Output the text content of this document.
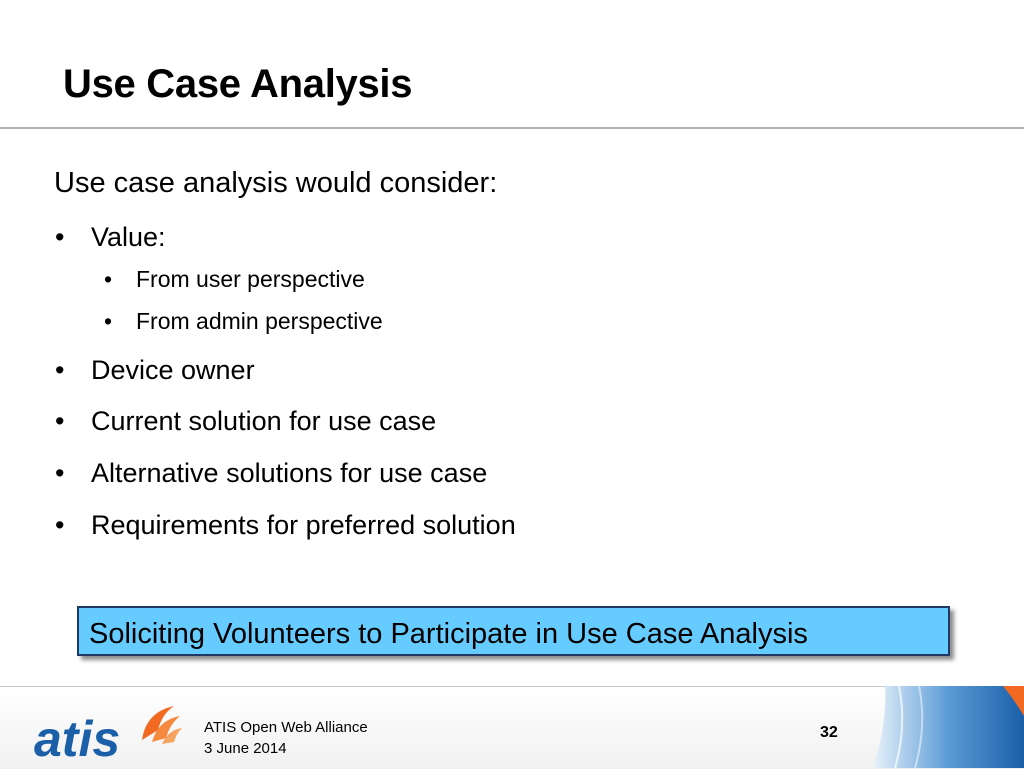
Use Case Analysis
Use case analysis would consider:
• Value:
• From user perspective
• From admin perspective
• Device owner
• Current solution for use case
• Alternative solutions for use case
• Requirements for preferred solution
Soliciting Volunteers to Participate in Use Case Analysis
atis	ATIS Open Web Alliance
3 June 2014
32
